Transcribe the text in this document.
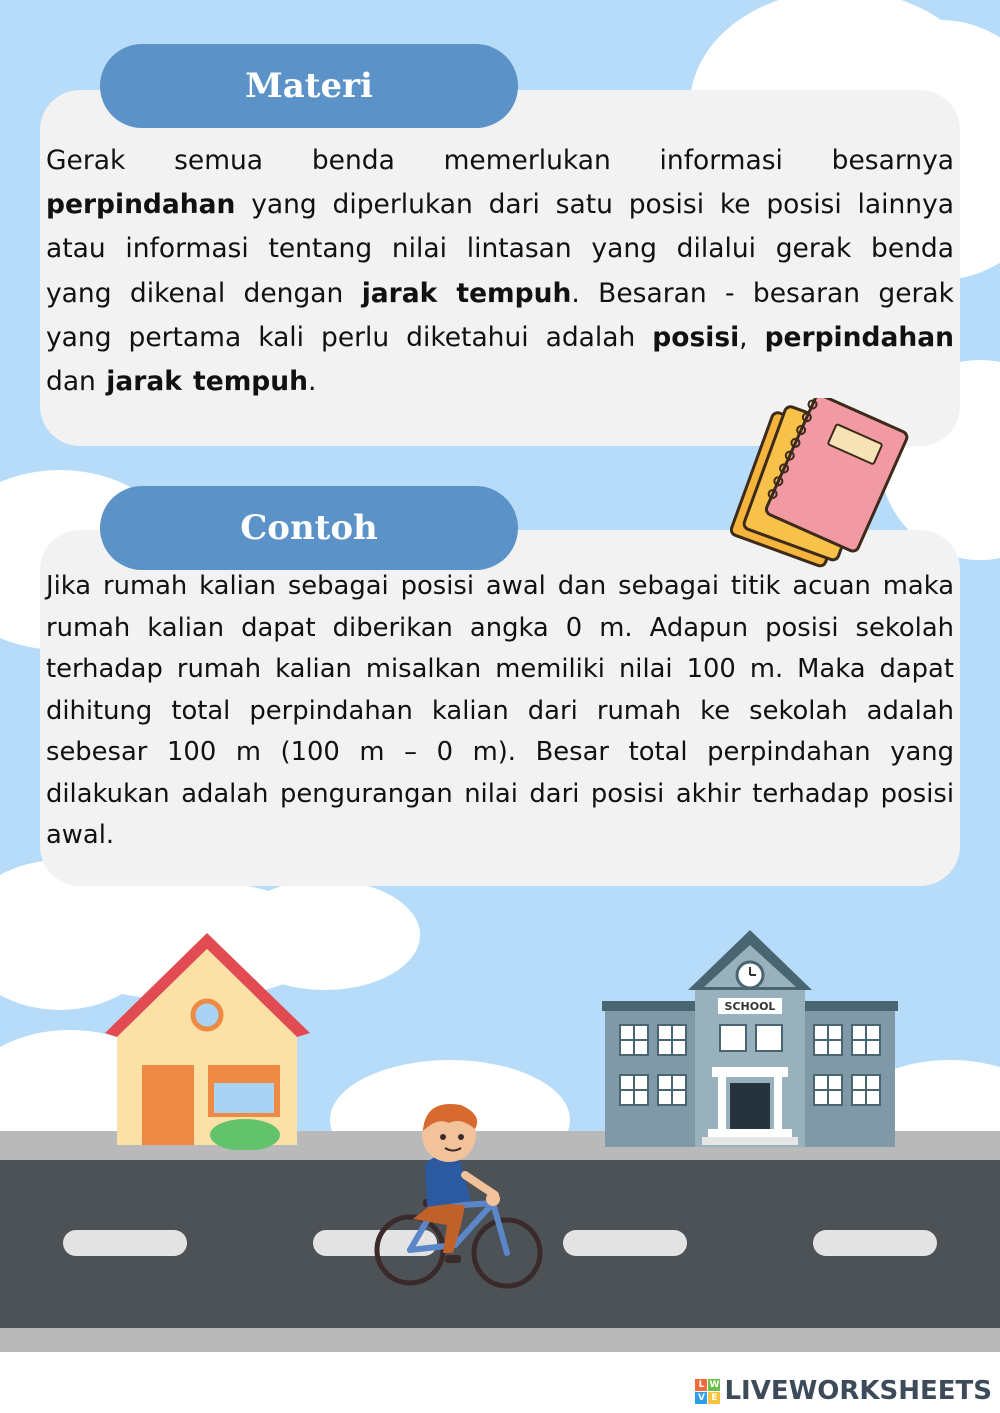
Materi

Gerak semua benda memerlukan informasi besarnya perpindahan yang diperlukan dari satu posisi ke posisi lainnya atau informasi tentang nilai lintasan yang dilalui gerak benda yang dikenal dengan jarak tempuh. Besaran - besaran gerak yang pertama kali perlu diketahui adalah posisi, perpindahan dan jarak tempuh.

Contoh

Jika rumah kalian sebagai posisi awal dan sebagai titik acuan maka rumah kalian dapat diberikan angka 0 m. Adapun posisi sekolah terhadap rumah kalian misalkan memiliki nilai 100 m. Maka dapat dihitung total perpindahan kalian dari rumah ke sekolah adalah sebesar 100 m (100 m – 0 m). Besar total perpindahan yang dilakukan adalah pengurangan nilai dari posisi akhir terhadap posisi awal.

SCHOOL
L W
V E LIVEWORKSHEETS
